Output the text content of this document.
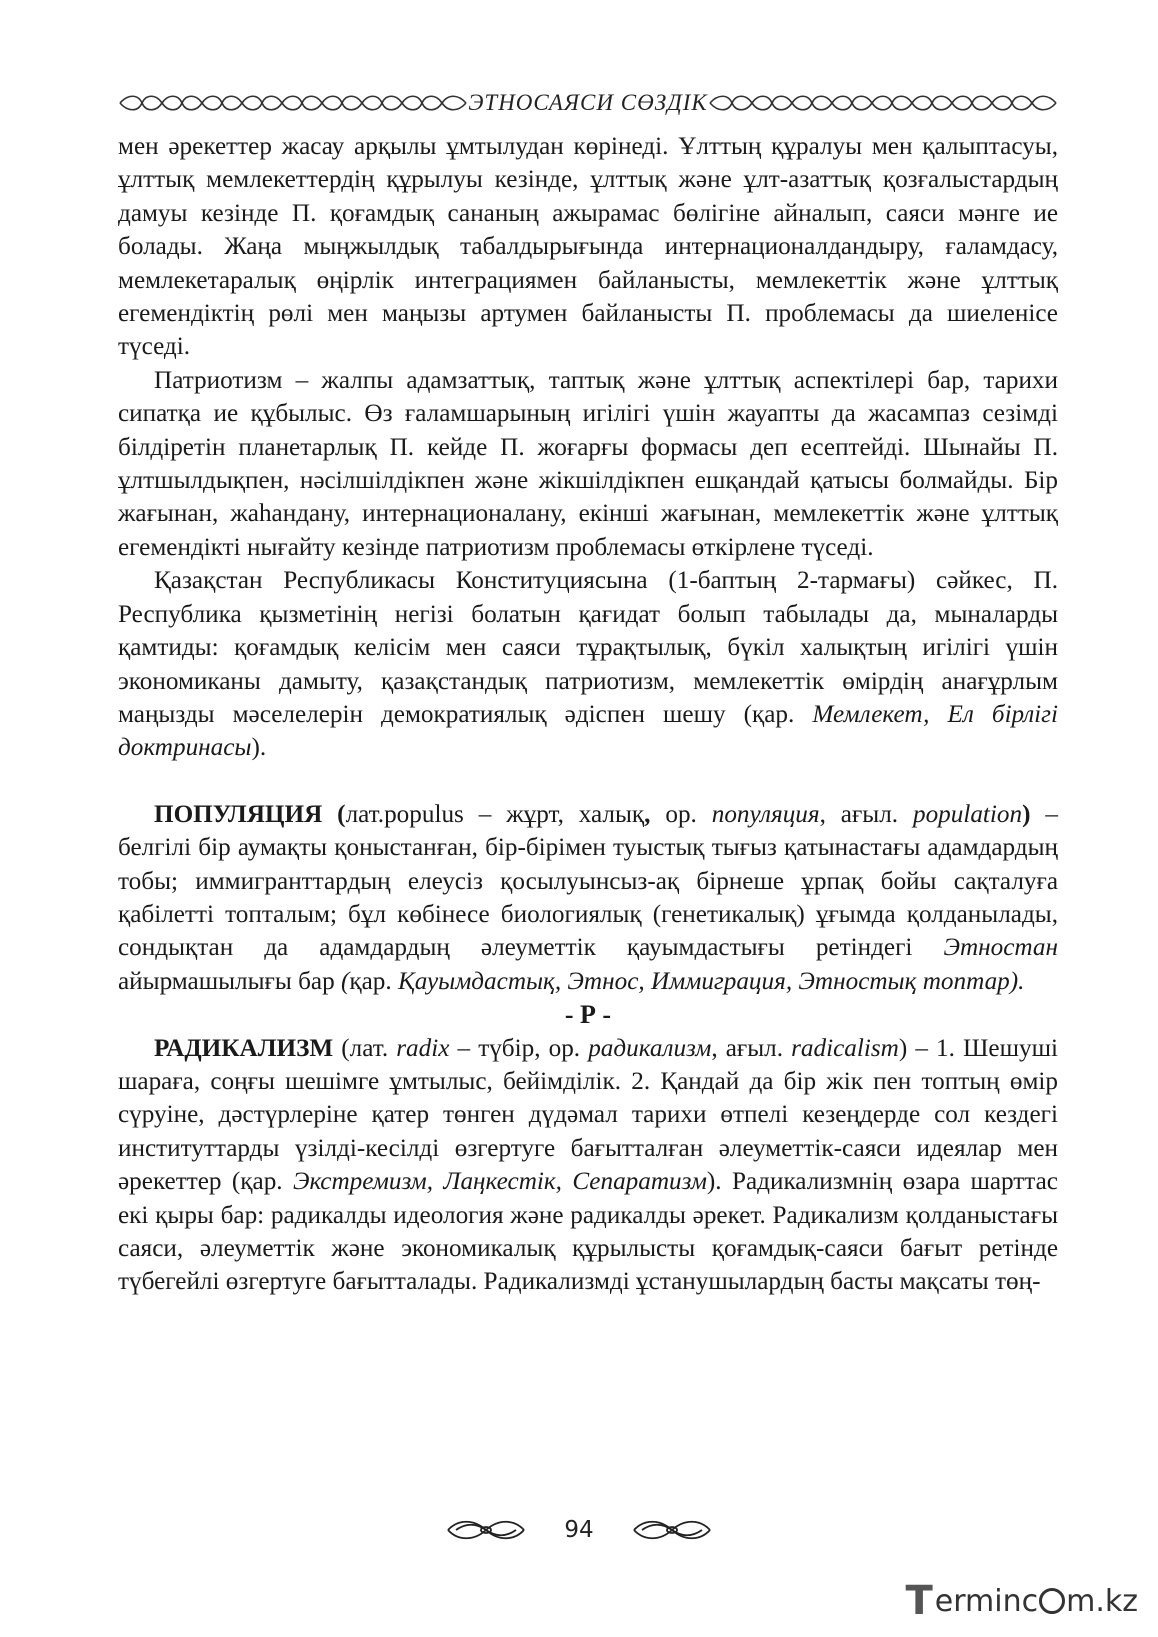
ЭТНОСАЯСИ СӨЗДІК

мен әрекеттер жасау арқылы ұмтылудан көрінеді. Ұлттың құралуы мен қалыптасуы, ұлттық мемлекеттердің құрылуы кезінде, ұлттық және ұлт-азаттық қозғалыстардың дамуы кезінде П. қоғамдық сананың ажырамас бөлігіне айналып, саяси мәнге ие болады. Жаңа мыңжылдық табалдырығында интернационалдандыру, ғаламдасу, мемлекетаралық өңірлік интеграциямен байланысты, мемлекеттік және ұлттық егемендіктің рөлі мен маңызы артумен байланысты П. проблемасы да шиеленісе түседі.

Патриотизм – жалпы адамзаттық, таптық және ұлттық аспектілері бар, тарихи сипатқа ие құбылыс. Өз ғаламшарының игілігі үшін жауапты да жасампаз сезімді білдіретін планетарлық П. кейде П. жоғарғы формасы деп есептейді. Шынайы П. ұлтшылдықпен, нәсілшілдікпен және жікшілдікпен ешқандай қатысы болмайды. Бір жағынан, жаһандану, интернационалану, екінші жағынан, мемлекеттік және ұлттық егемендікті нығайту кезінде патриотизм проблемасы өткірлене түседі.

Қазақстан Республикасы Конституциясына (1-баптың 2-тармағы) сәйкес, П. Республика қызметінің негізі болатын қағидат болып табылады да, мыналарды қамтиды: қоғамдық келісім мен саяси тұрақтылық, бүкіл халықтың игілігі үшін экономиканы дамыту, қазақстандық патриотизм, мемлекеттік өмірдің анағұрлым маңызды мәселелерін демократиялық әдіспен шешу (қар. Мемлекет, Ел бірлігі доктринасы).

ПОПУЛЯЦИЯ (лат.populus – жұрт, халық, ор. популяция, ағыл. population) – белгілі бір аумақты қоныстанған, бір-бірімен туыстық тығыз қатынастағы адамдардың тобы; иммигранттардың елеусіз қосылуынсыз-ақ бірнеше ұрпақ бойы сақталуға қабілетті топталым; бұл көбінесе биологиялық (генетикалық) ұғымда қолданылады, сондықтан да адамдардың әлеуметтік қауымдастығы ретіндегі Этностан айырмашылығы бар (қар. Қауымдастық, Этнос, Иммиграция, Этностық топтар).

- Р -

РАДИКАЛИЗМ (лат. radix – түбір, ор. радикализм, ағыл. radicalism) – 1. Шешуші шараға, соңғы шешімге ұмтылыс, бейімділік. 2. Қандай да бір жік пен топтың өмір сүруіне, дәстүрлеріне қатер төнген дүдәмал тарихи өтпелі кезеңдерде сол кездегі институттарды үзілді-кесілді өзгертуге бағытталған әлеуметтік-саяси идеялар мен әрекеттер (қар. Экстремизм, Лаңкестік, Сепаратизм). Радикализмнің өзара шарттас екі қыры бар: радикалды идеология және радикалды әрекет. Радикализм қолданыстағы саяси, әлеуметтік және экономикалық құрылысты қоғамдық-саяси бағыт ретінде түбегейлі өзгертуге бағытталады. Радикализмді ұстанушылардың басты мақсаты төң-

94
T erminc m.kz
